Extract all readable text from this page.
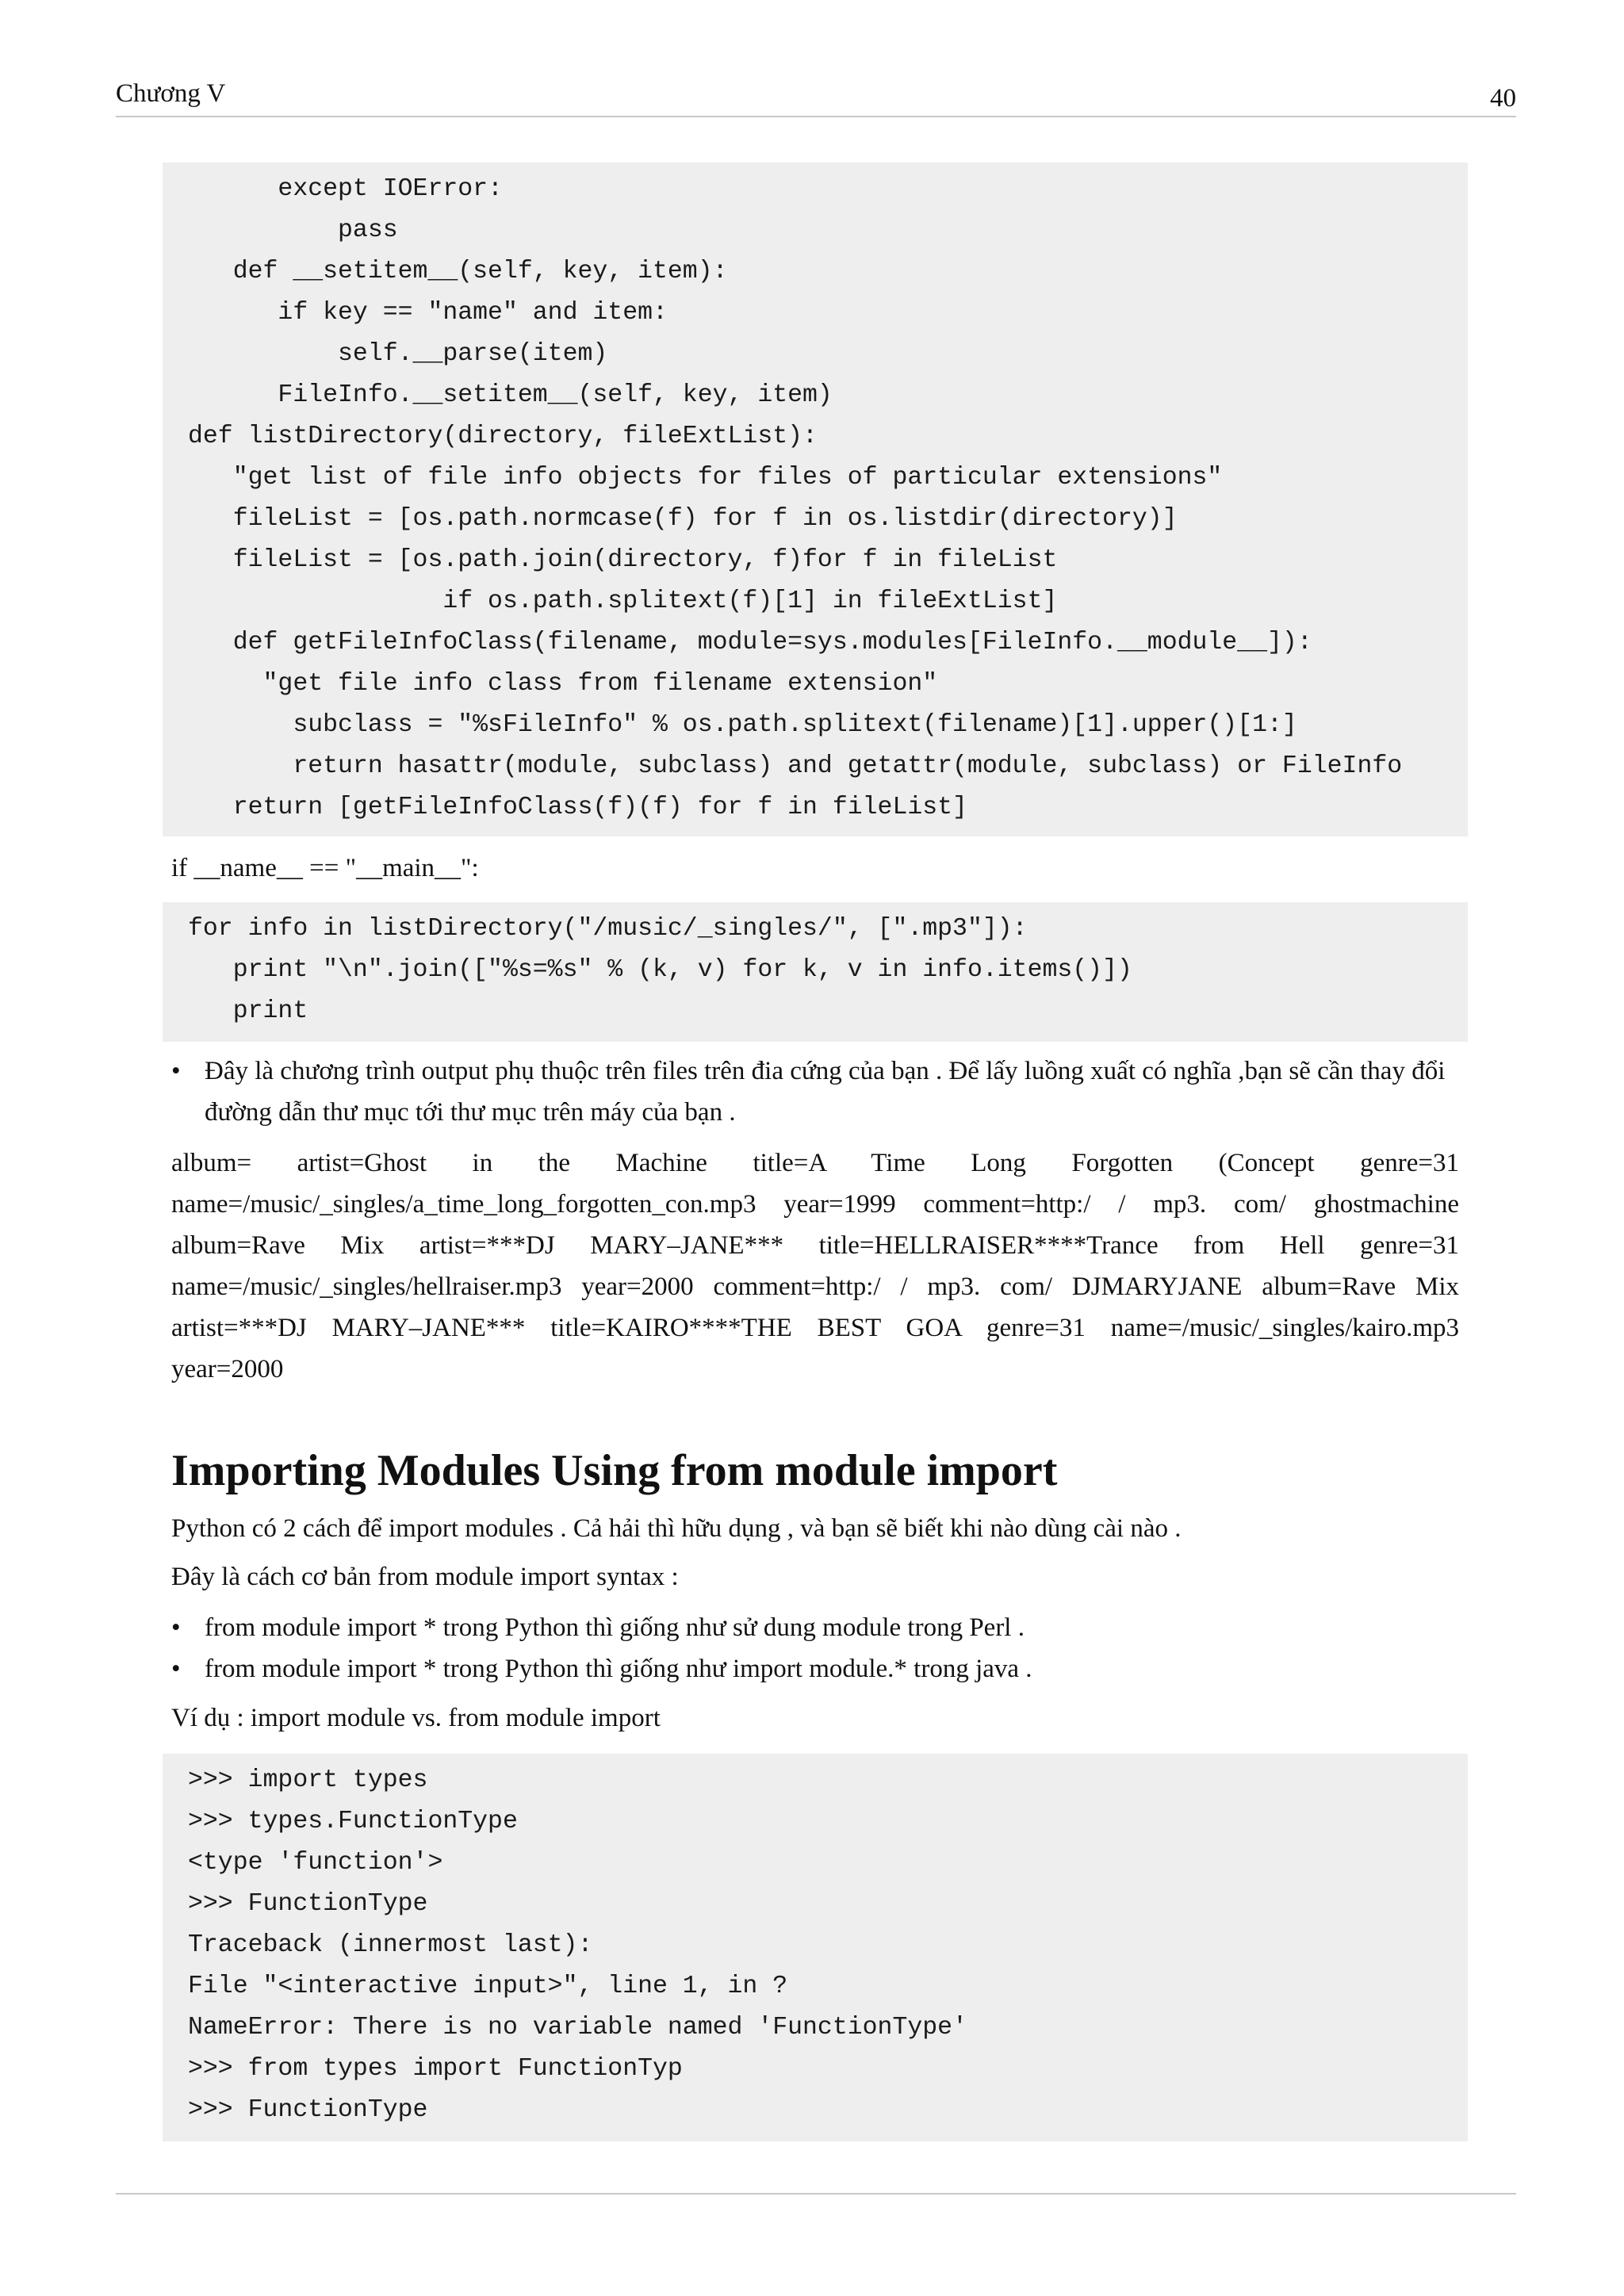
Chương V	40
except IOError:
pass
def __setitem__(self, key, item):
if key == "name" and item:
self.__parse(item)
FileInfo.__setitem__(self, key, item)
def listDirectory(directory, fileExtList):
"get list of file info objects for files of particular extensions"
fileList = [os.path.normcase(f) for f in os.listdir(directory)]
fileList = [os.path.join(directory, f)for f in fileList
if os.path.splitext(f)[1] in fileExtList]
def getFileInfoClass(filename, module=sys.modules[FileInfo.__module__]):
"get file info class from filename extension"
subclass = "%sFileInfo" % os.path.splitext(filename)[1].upper()[1:]
return hasattr(module, subclass) and getattr(module, subclass) or FileInfo
return [getFileInfoClass(f)(f) for f in fileList]
if __name__ == "__main__":
for info in listDirectory("/music/_singles/", [".mp3"]):
print "\n".join(["%s=%s" % (k, v) for k, v in info.items()])
print
• Đây là chương trình output phụ thuộc trên files trên đia cứng của bạn . Để lấy luồng xuất có nghĩa ,bạn sẽ cần thay đổi đường dẫn thư mục tới thư mục trên máy của bạn .
album= artist=Ghost in the Machine title=A Time Long Forgotten (Concept genre=31
name=/music/_singles/a_time_long_forgotten_con.mp3 year=1999 comment=http:/ / mp3. com/ ghostmachine
album=Rave Mix artist=***DJ MARY–JANE*** title=HELLRAISER****Trance from Hell genre=31
name=/music/_singles/hellraiser.mp3 year=2000 comment=http:/ / mp3. com/ DJMARYJANE album=Rave Mix
artist=***DJ MARY–JANE*** title=KAIRO****THE BEST GOA genre=31 name=/music/_singles/kairo.mp3
year=2000
Importing Modules Using from module import
Python có 2 cách để import modules . Cả hải thì hữu dụng , và bạn sẽ biết khi nào dùng cài nào .
Đây là cách cơ bản from module import syntax :
• from module import * trong Python thì giống như sử dung module trong Perl .
• from module import * trong Python thì giống như import module.* trong java .
Ví dụ : import module vs. from module import
>>> import types
>>> types.FunctionType
<type 'function'>
>>> FunctionType
Traceback (innermost last):
File "<interactive input>", line 1, in ?
NameError: There is no variable named 'FunctionType'
>>> from types import FunctionTyp
>>> FunctionType
